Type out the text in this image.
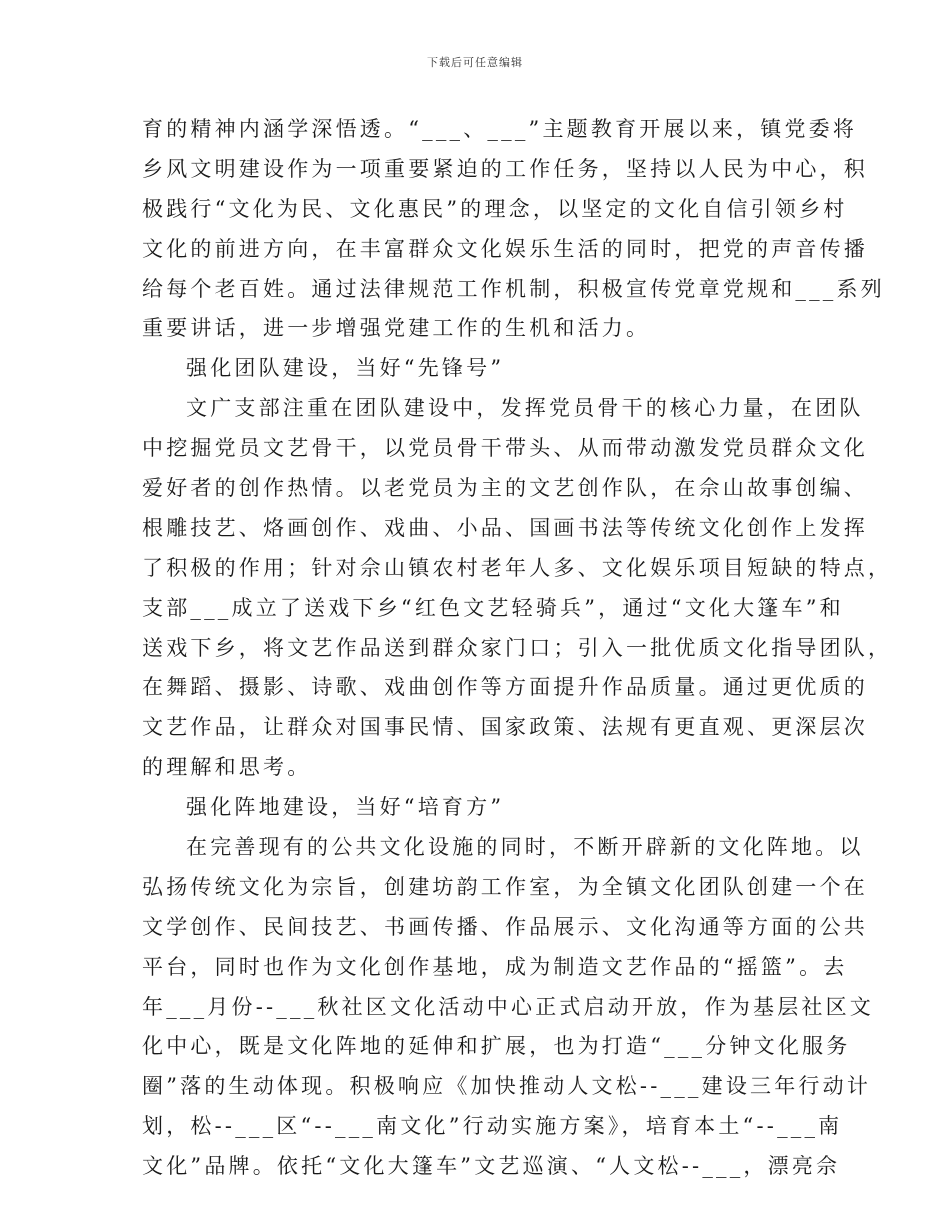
下载后可任意编辑
育的精神内涵学深悟透。“___、___”主题教育开展以来，镇党委将
乡风文明建设作为一项重要紧迫的工作任务，坚持以人民为中心，积
极践行“文化为民、文化惠民”的理念，以坚定的文化自信引领乡村
文化的前进方向，在丰富群众文化娱乐生活的同时，把党的声音传播
给每个老百姓。通过法律规范工作机制，积极宣传党章党规和___系列
重要讲话，进一步增强党建工作的生机和活力。
强化团队建设，当好“先锋号”
文广支部注重在团队建设中，发挥党员骨干的核心力量，在团队
中挖掘党员文艺骨干，以党员骨干带头、从而带动激发党员群众文化
爱好者的创作热情。以老党员为主的文艺创作队，在佘山故事创编、
根雕技艺、烙画创作、戏曲、小品、国画书法等传统文化创作上发挥
了积极的作用；针对佘山镇农村老年人多、文化娱乐项目短缺的特点，
支部___成立了送戏下乡“红色文艺轻骑兵”，通过“文化大篷车”和
送戏下乡，将文艺作品送到群众家门口；引入一批优质文化指导团队，
在舞蹈、摄影、诗歌、戏曲创作等方面提升作品质量。通过更优质的
文艺作品，让群众对国事民情、国家政策、法规有更直观、更深层次
的理解和思考。
强化阵地建设，当好“培育方”
在完善现有的公共文化设施的同时，不断开辟新的文化阵地。以
弘扬传统文化为宗旨，创建坊韵工作室，为全镇文化团队创建一个在
文学创作、民间技艺、书画传播、作品展示、文化沟通等方面的公共
平台，同时也作为文化创作基地，成为制造文艺作品的“摇篮”。去
年___月份--___秋社区文化活动中心正式启动开放，作为基层社区文
化中心，既是文化阵地的延伸和扩展，也为打造“___分钟文化服务
圈”落的生动体现。积极响应《加快推动人文松--___建设三年行动计
划，松--___区“--___南文化”行动实施方案》，培育本土“--___南
文化”品牌。依托“文化大篷车”文艺巡演、“人文松--___，漂亮佘
